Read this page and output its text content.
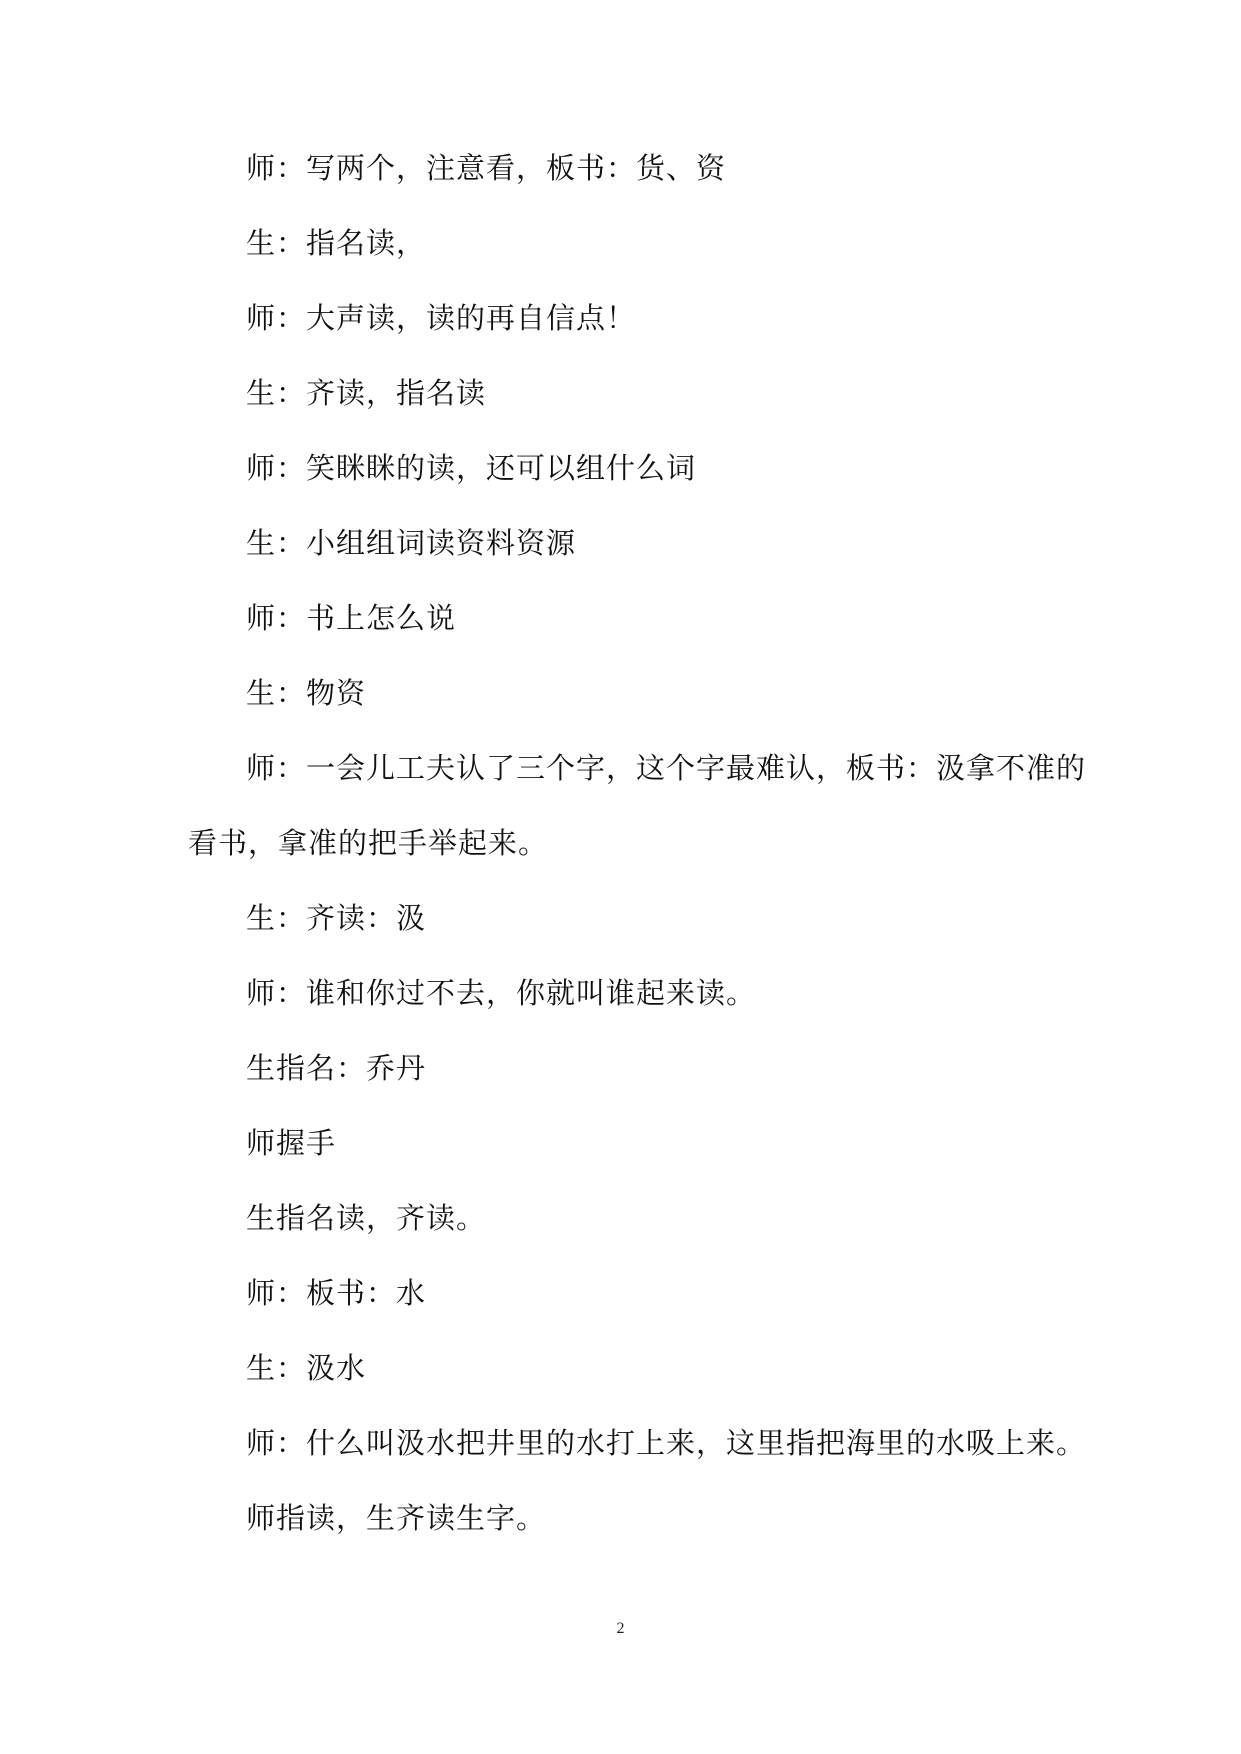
师：写两个，注意看，板书：货、资
生：指名读，
师：大声读，读的再自信点！
生：齐读，指名读
师：笑眯眯的读，还可以组什么词
生：小组组词读资料资源
师：书上怎么说
生：物资
师：一会儿工夫认了三个字，这个字最难认，板书：汲拿不准的
看书，拿准的把手举起来。
生：齐读：汲
师：谁和你过不去，你就叫谁起来读。
生指名：乔丹
师握手
生指名读，齐读。
师：板书：水
生：汲水
师：什么叫汲水把井里的水打上来，这里指把海里的水吸上来。
师指读，生齐读生字。
2
